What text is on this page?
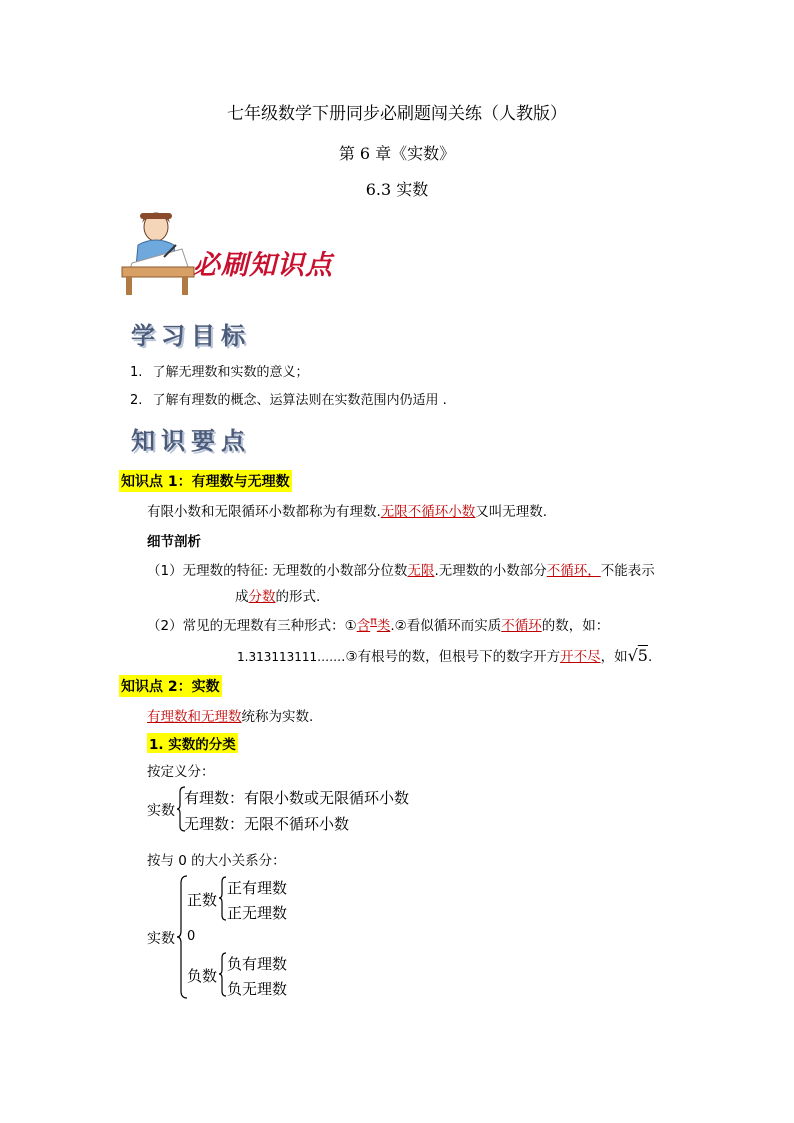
七年级数学下册同步必刷题闯关练（人教版）
第 6 章《实数》
6.3 实数
必刷知识点
学习目标
1. 了解无理数和实数的意义；
2. 了解有理数的概念、运算法则在实数范围内仍适用 .
知识要点
知识点 1：有理数与无理数
有限小数和无限循环小数都称为有理数.无限不循环小数又叫无理数.
细节剖析
（1）无理数的特征: 无理数的小数部分位数无限.无理数的小数部分不循环，不能表示
成分数的形式.
（2）常见的无理数有三种形式：①含$^\pi$类.②看似循环而实质不循环的数，如：
1.313113111…….③有根号的数，但根号下的数字开方开不尽，如√5.
知识点 2：实数
有理数和无理数统称为实数.
1. 实数的分类
按定义分：
实数
有理数：有限小数或无限循环小数
无理数：无限不循环小数
按与 0 的大小关系分：
实数
正数
正有理数
正无理数
0
负数
负有理数
负无理数
